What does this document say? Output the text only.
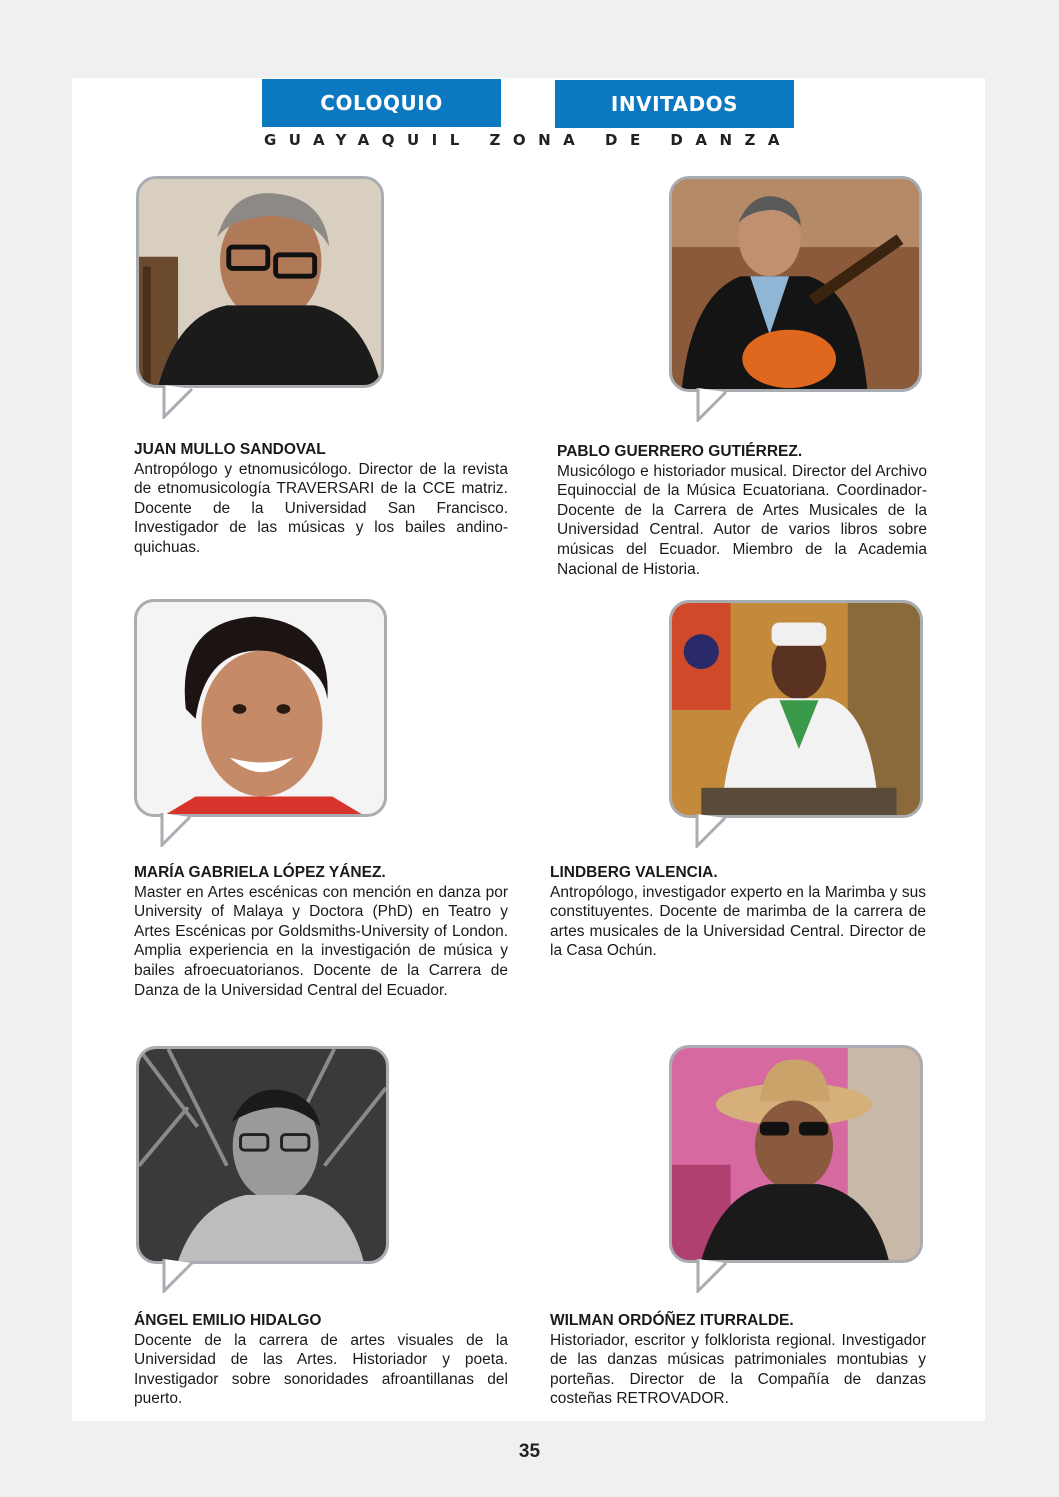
COLOQUIO	INVITADOS
GUAYAQUIL ZONA DE DANZA
JUAN MULLO SANDOVAL

Antropólogo y etnomusicólogo. Director de la revista de etnomusicología TRAVERSARI de la CCE matriz. Docente de la Universidad San Francisco. Investigador de las músicas y los bailes andino-quichuas.

PABLO GUERRERO GUTIÉRREZ.

Musicólogo e historiador musical. Director del Archivo Equinoccial de la Música Ecuatoriana. Coordinador-Docente de la Carrera de Artes Musicales de la Universidad Central. Autor de varios libros sobre músicas del Ecuador. Miembro de la Academia Nacional de Historia.

MARÍA GABRIELA LÓPEZ YÁNEZ.

Master en Artes escénicas con mención en danza por University of Malaya y Doctora (PhD) en Teatro y Artes Escénicas por Goldsmiths-University of London. Amplia experiencia en la investigación de música y bailes afroecuatorianos. Docente de la Carrera de Danza de la Universidad Central del Ecuador.

LINDBERG VALENCIA.

Antropólogo, investigador experto en la Marimba y sus constituyentes. Docente de marimba de la carrera de artes musicales de la Universidad Central. Director de la Casa Ochún.

ÁNGEL EMILIO HIDALGO

Docente de la carrera de artes visuales de la Universidad de las Artes. Historiador y poeta. Investigador sobre sonoridades afroantillanas del puerto.

WILMAN ORDÓÑEZ ITURRALDE.

Historiador, escritor y folklorista regional. Investigador de las danzas músicas patrimoniales montubias y porteñas. Director de la Compañía de danzas costeñas RETROVADOR.

35
